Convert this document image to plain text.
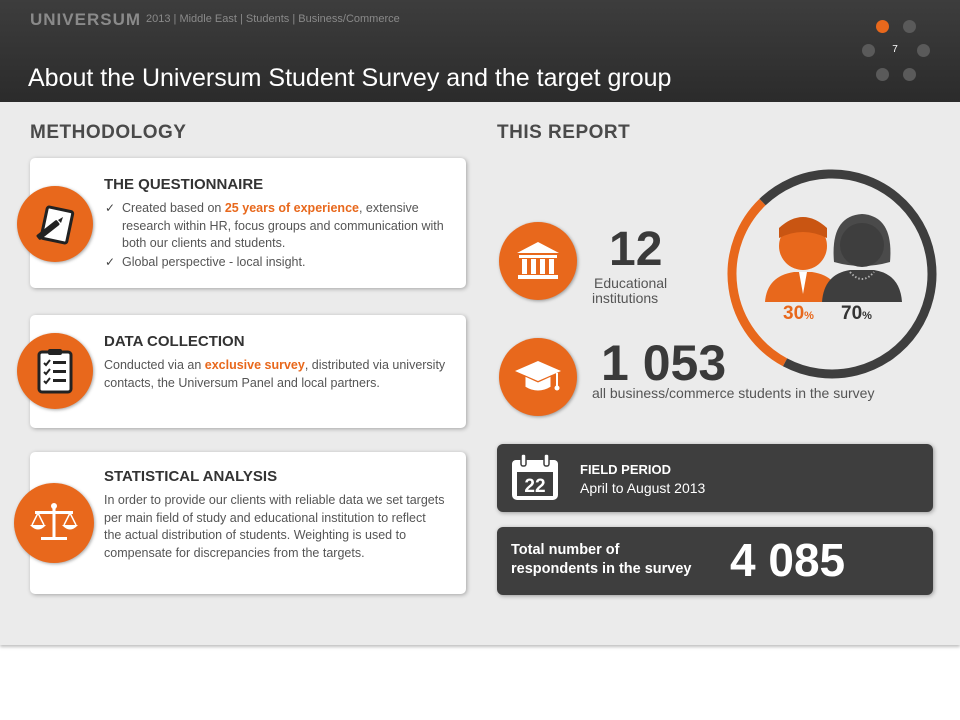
UNIVERSUM 2013 | Middle East | Students | Business/Commerce
About the Universum Student Survey and the target group
7
METHODOLOGY	THIS REPORT
THE QUESTIONNAIRE
✓ Created based on 25 years of experience, extensive research within HR, focus groups and communication with both our clients and students.
✓ Global perspective - local insight.
DATA COLLECTION
Conducted via an exclusive survey, distributed via university contacts, the Universum Panel and local partners.
STATISTICAL ANALYSIS
In order to provide our clients with reliable data we set targets per main field of study and educational institution to reflect the actual distribution of students. Weighting is used to compensate for discrepancies from the targets.
12
Educational
institutions
1 053
all business/commerce students in the survey
30% 70%
22
FIELD PERIOD
April to August 2013
Total number of
respondents in the survey 4 085
